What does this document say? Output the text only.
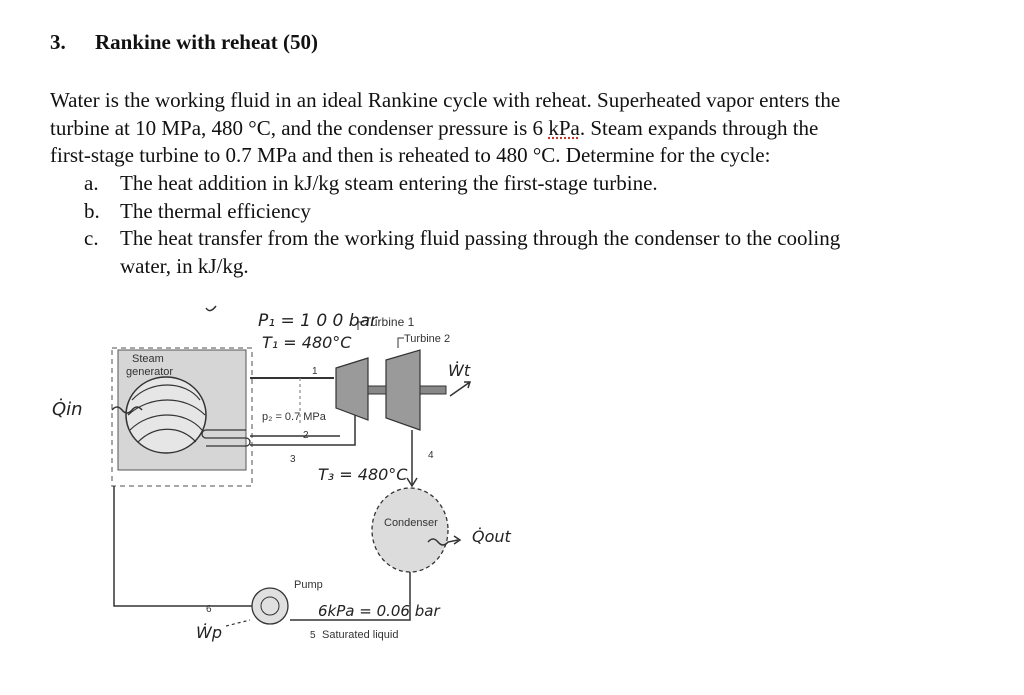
3. Rankine with reheat (50)
Water is the working fluid in an ideal Rankine cycle with reheat. Superheated vapor enters the
turbine at 10 MPa, 480 °C, and the condenser pressure is 6 kPa. Steam expands through the
first-stage turbine to 0.7 MPa and then is reheated to 480 °C. Determine for the cycle:
a.	The heat addition in kJ/kg steam entering the first-stage turbine.
b. The thermal efficiency
c.	The heat transfer from the working fluid passing through the condenser to the cooling
water, in kJ/kg.
Steam
generator
Q̇in
Turbine 1
Turbine 2
Ẇt
P₁ = 1 0 0 bar
T₁ = 480°C
p₂ = 0.7 MPa
1
2
3	4
5
6
T₃ = 480°C
Condenser
Q̇out
Pump
Ẇp
6kPa = 0.06 bar
Saturated liquid
